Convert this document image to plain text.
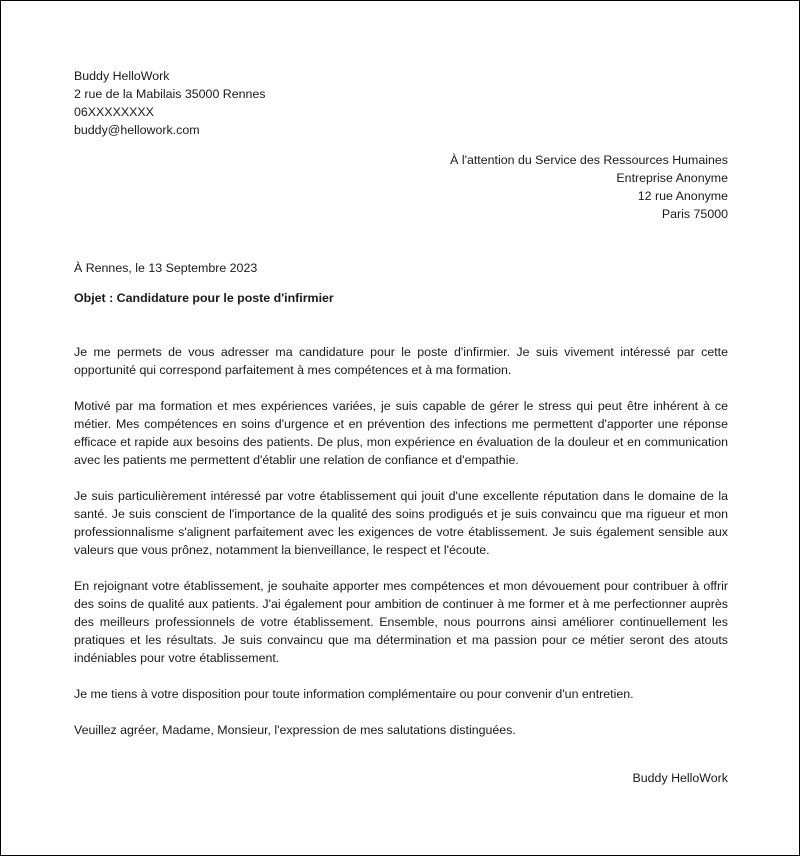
Buddy HelloWork

2 rue de la Mabilais 35000 Rennes

06XXXXXXXX

buddy@hellowork.com

À l'attention du Service des Ressources Humaines

Entreprise Anonyme

12 rue Anonyme

Paris 75000

À Rennes, le 13 Septembre 2023
Objet : Candidature pour le poste d'infirmier

Je me permets de vous adresser ma candidature pour le poste d'infirmier. Je suis vivement intéressé par cette opportunité qui correspond parfaitement à mes compétences et à ma formation.

Motivé par ma formation et mes expériences variées, je suis capable de gérer le stress qui peut être inhérent à ce métier. Mes compétences en soins d'urgence et en prévention des infections me permettent d'apporter une réponse efficace et rapide aux besoins des patients. De plus, mon expérience en évaluation de la douleur et en communication avec les patients me permettent d'établir une relation de confiance et d'empathie.

Je suis particulièrement intéressé par votre établissement qui jouit d'une excellente réputation dans le domaine de la santé. Je suis conscient de l'importance de la qualité des soins prodigués et je suis convaincu que ma rigueur et mon professionnalisme s'alignent parfaitement avec les exigences de votre établissement. Je suis également sensible aux valeurs que vous prônez, notamment la bienveillance, le respect et l'écoute.

En rejoignant votre établissement, je souhaite apporter mes compétences et mon dévouement pour contribuer à offrir des soins de qualité aux patients. J'ai également pour ambition de continuer à me former et à me perfectionner auprès des meilleurs professionnels de votre établissement. Ensemble, nous pourrons ainsi améliorer continuellement les pratiques et les résultats. Je suis convaincu que ma détermination et ma passion pour ce métier seront des atouts indéniables pour votre établissement.

Je me tiens à votre disposition pour toute information complémentaire ou pour convenir d'un entretien.

Veuillez agréer, Madame, Monsieur, l'expression de mes salutations distinguées.

Buddy HelloWork
